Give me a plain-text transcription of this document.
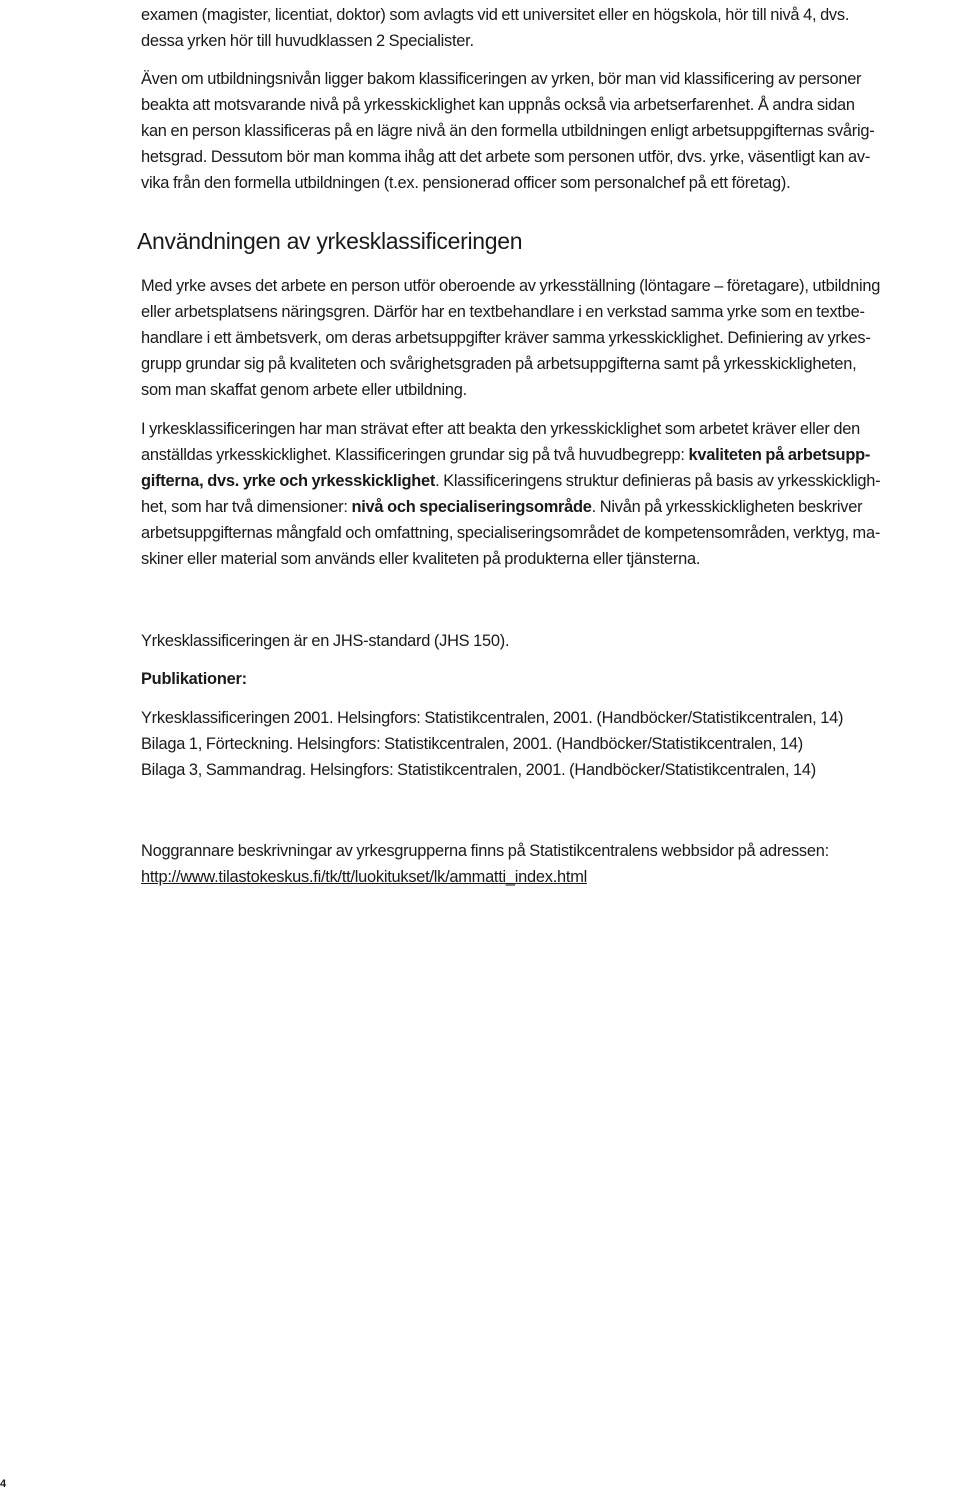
examen (magister, licentiat, doktor) som avlagts vid ett universitet eller en högskola, hör till nivå 4, dvs.
dessa yrken hör till huvudklassen 2 Specialister.

Även om utbildningsnivån ligger bakom klassificeringen av yrken, bör man vid klassificering av personer
beakta att motsvarande nivå på yrkesskicklighet kan uppnås också via arbetserfarenhet. Å andra sidan
kan en person klassificeras på en lägre nivå än den formella utbildningen enligt arbetsuppgifternas svårig-
hetsgrad. Dessutom bör man komma ihåg att det arbete som personen utför, dvs. yrke, väsentligt kan av-
vika från den formella utbildningen (t.ex. pensionerad officer som personalchef på ett företag).

Med yrke avses det arbete en person utför oberoende av yrkesställning (löntagare – företagare), utbildning
eller arbetsplatsens näringsgren. Därför har en textbehandlare i en verkstad samma yrke som en textbe-
handlare i ett ämbetsverk, om deras arbetsuppgifter kräver samma yrkesskicklighet. Definiering av yrkes-
grupp grundar sig på kvaliteten och svårighetsgraden på arbetsuppgifterna samt på yrkesskickligheten,
som man skaffat genom arbete eller utbildning.

I yrkesklassificeringen har man strävat efter att beakta den yrkesskicklighet som arbetet kräver eller den
anställdas yrkesskicklighet. Klassificeringen grundar sig på två huvudbegrepp: kvaliteten på arbetsupp-
gifterna, dvs. yrke och yrkesskicklighet. Klassificeringens struktur definieras på basis av yrkesskickligh-
het, som har två dimensioner: nivå och specialiseringsområde. Nivån på yrkesskickligheten beskriver
arbetsuppgifternas mångfald och omfattning, specialiseringsområdet de kompetensområden, verktyg, ma-
skiner eller material som används eller kvaliteten på produkterna eller tjänsterna.

Yrkesklassificeringen är en JHS-standard (JHS 150).

Publikationer:

Yrkesklassificeringen 2001. Helsingfors: Statistikcentralen, 2001. (Handböcker/Statistikcentralen, 14)
Bilaga 1, Förteckning. Helsingfors: Statistikcentralen, 2001. (Handböcker/Statistikcentralen, 14)
Bilaga 3, Sammandrag. Helsingfors: Statistikcentralen, 2001. (Handböcker/Statistikcentralen, 14)

Noggrannare beskrivningar av yrkesgrupperna finns på Statistikcentralens webbsidor på adressen:
http://www.tilastokeskus.fi/tk/tt/luokitukset/lk/ammatti_index.html

Användningen av yrkesklassificeringen
4
